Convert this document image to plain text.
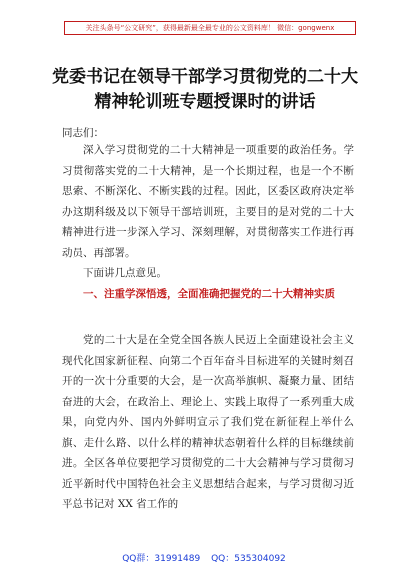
关注头条号“公文研究”，获得最新最全最专业的公文资料库！ 微信：gongwenx
党委书记在领导干部学习贯彻党的二十大
精神轮训班专题授课时的讲话
同志们：
深入学习贯彻党的二十大精神是一项重要的政治任务。学习贯彻落实党的二十大精神，是一个长期过程，也是一个不断思索、不断深化、不断实践的过程。因此，区委区政府决定举办这期科级及以下领导干部培训班，主要目的是对党的二十大精神进行进一步深入学习、深刻理解，对贯彻落实工作进行再动员、再部署。
下面讲几点意见。
一、注重学深悟透，全面准确把握党的二十大精神实质
党的二十大是在全党全国各族人民迈上全面建设社会主义现代化国家新征程、向第二个百年奋斗目标进军的关键时刻召开的一次十分重要的大会，是一次高举旗帜、凝聚力量、团结奋进的大会，在政治上、理论上、实践上取得了一系列重大成果，向党内外、国内外鲜明宣示了我们党在新征程上举什么旗、走什么路、以什么样的精神状态朝着什么样的目标继续前进。全区各单位要把学习贯彻党的二十大会精神与学习贯彻习近平新时代中国特色社会主义思想结合起来，与学习贯彻习近平总书记对 XX 省工作的
QQ群：31991489 QQ：535304092
